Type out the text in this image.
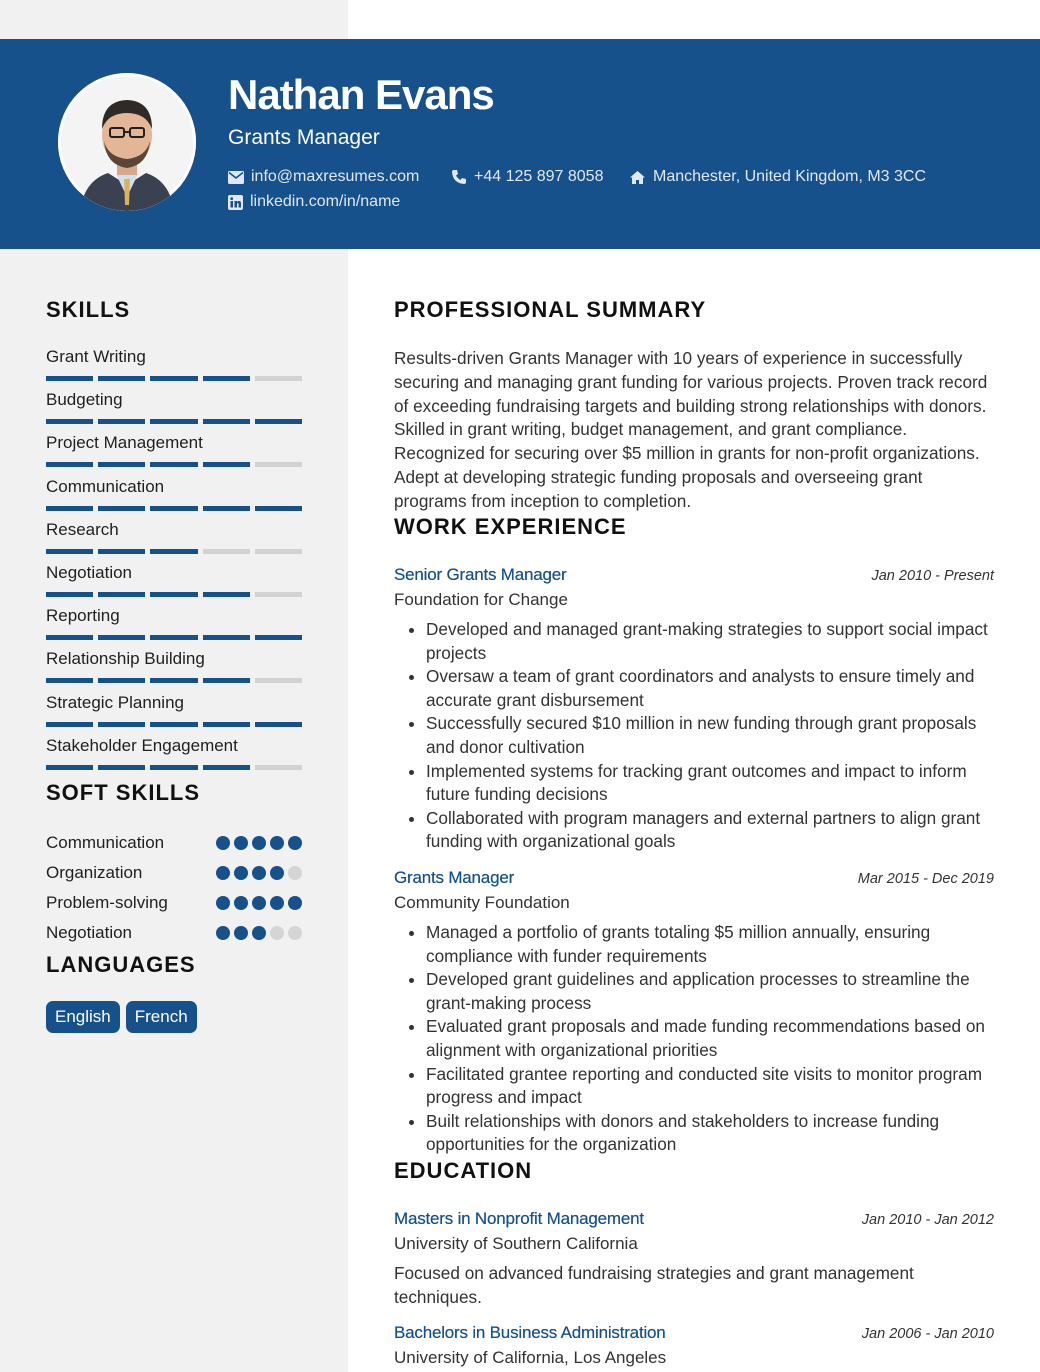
Nathan Evans
Grants Manager
info@maxresumes.com	+44 125 897 8058	Manchester, United Kingdom, M3 3CC
linkedin.com/in/name
SKILLS
Grant Writing
Budgeting
Project Management
Communication
Research
Negotiation
Reporting
Relationship Building
Strategic Planning
Stakeholder Engagement
SOFT SKILLS
Communication
Organization
Problem-solving
Negotiation
LANGUAGES
English	French
PROFESSIONAL SUMMARY
Results-driven Grants Manager with 10 years of experience in successfully securing and managing grant funding for various projects. Proven track record of exceeding fundraising targets and building strong relationships with donors. Skilled in grant writing, budget management, and grant compliance. Recognized for securing over $5 million in grants for non-profit organizations. Adept at developing strategic funding proposals and overseeing grant programs from inception to completion.
WORK EXPERIENCE
Senior Grants Manager	Jan 2010 - Present
Foundation for Change
Developed and managed grant-making strategies to support social impact projects
Oversaw a team of grant coordinators and analysts to ensure timely and accurate grant disbursement
Successfully secured $10 million in new funding through grant proposals and donor cultivation
Implemented systems for tracking grant outcomes and impact to inform future funding decisions
Collaborated with program managers and external partners to align grant funding with organizational goals
Grants Manager	Mar 2015 - Dec 2019
Community Foundation
Managed a portfolio of grants totaling $5 million annually, ensuring compliance with funder requirements
Developed grant guidelines and application processes to streamline the grant-making process
Evaluated grant proposals and made funding recommendations based on alignment with organizational priorities
Facilitated grantee reporting and conducted site visits to monitor program progress and impact
Built relationships with donors and stakeholders to increase funding opportunities for the organization
EDUCATION
Masters in Nonprofit Management	Jan 2010 - Jan 2012
University of Southern California
Focused on advanced fundraising strategies and grant management techniques.
Bachelors in Business Administration	Jan 2006 - Jan 2010
University of California, Los Angeles
